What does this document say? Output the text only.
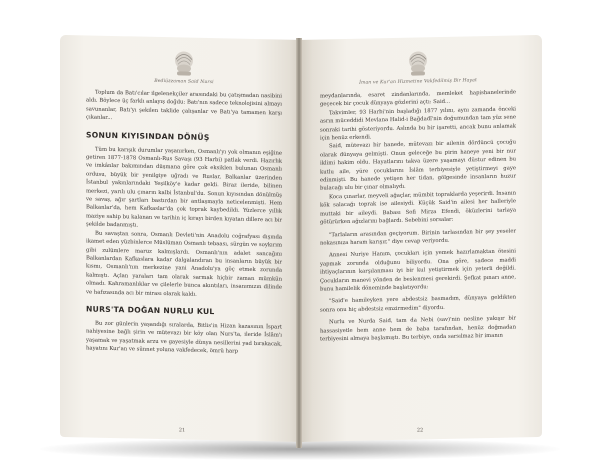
Bediüzzaman Said Nursi

Toplum da Batı'cılar ilgelenekçiler arasındaki bu çatışmadan nasibini aldı. Böylece üç farklı anlayış doğdu: Batı'nın sadece teknolojisini almayı savunanlar, Batı'yı şekilen taklide çalışanlar ve Batı'ya tamamen karşı çıkanlar...

SONUN KIYISINDAN DÖNÜŞ

Tüm bu karışık durumlar yaşanırken, Osmanlı'yı yok olmanın eşiğine getiren 1877-1878 Osmanlı-Rus Savaşı (93 Harbi) patlak verdi. Hazırlık ve imkânlar bakımından düşmana göre çok eksiklen bulunan Osmanlı ordusu, büyük bir yenilgiye uğradı ve Ruslar, Balkanlar üzerinden İstanbul yakınlarındaki Yeşilköy'e kadar geldi. Biraz ileride, bilinen merkezi, yarılı ulu çınarın kalbi İstanbul'du. Sonun kıyısından dönülmüş ve savaş, ağır şartları bastırdan bir antlaşmayla neticelenmişti. Hem Balkanlar'da, hem Kafkaslar'da çok toprak kaybedildi. Yüzlerce yıllık maziye sahip bu kalanan ve tarihin iç kırayı birden kıyatan dillere acı bir şekilde badanmıştı.

Bu savaştan sonra, Osmanlı Devleti'nin Anadolu coğrafyası dışında ikamet eden yüzbinlerce Müslüman Osmanlı tebaası, sürgün ve soykırım gibi zulümlere maruz kalmışlardı. Osmanlı'nın adalet sancağını Balkanlardan Kafkaslara kadar dalgalandıran bu insanların büyük bir kısmı, Osmanlı'nın merkezine yani Anadolu'ya göç etmek zorunda kalmıştı. Açlan yaraları tam olarak sarmak hiçbir zaman mümkün olmadı. Kahramanlıklar ve çilelerle bunca akıntıları, insanımızın dilinde ve hafızasında acı bir mirası olarak kaldı.

NURS'TA DOĞAN NURLU KUL

Bu zor günlerin yaşandığı sıralarda, Bitlis'in Hizan kazasının İspart nahiyesine bağlı şirin ve mütevazı bir köy olan Nurs'ta, ileride İslâm'ı yaşamak ve yaşatmak arzu ve gayesiyle dünya nesillerini yad bırakacak, hayatını Kur'an ve sünnet yoluna vakfedecek, ömrü harp

21
İman ve Kur'an Hizmetine Vakfedilmiş Bir Hayat

meydanlarında, esaret zindanlarında, memleket hapishanelerinde geçecek bir çocuk dünyaya gözlerini açtı: Said...

Takvimler, 93 Harbi'nin başladığı 1877 yılını, aynı zamanda önceki asrın müceddidi Mevlana Halid-i Bağdadî'nin doğumundan tam yüz sene sonraki tarihi gösteriyordu. Aslında bu bir işaretti, ancak bunu anlamak için henüz erkendi.

Said, mütevazı bir hanede, mütevazı bir ailenin dördüncü çocuğu olarak dünyaya gelmişti. Onun geleceğe bu pirin haneye yeni bir nur iklimi hakim oldu. Hayatlarını takva üzere yaşamayı düstur edinen bu kutlu aile, yüre çocuklarını İslâm terbiyesiyle yetiştirmeyi gaye edinmişti. Bu hanede yetişen her tidan, gölgesinde insanların huzur bulacağı ulu bir çınar olmalıydı.

Koca çınarlar, meyveli ağaçlar, mümbit topraklarda yeşerirdi. İnsanın kök salacağı toprak ise ailesiydi. Küçük Said'in ailesi her halleriyle muttaki bir aileydi. Babası Sofi Mirza Efendi, öküzlerini tarlaya götürürken ağızlarını bağlardı. Sebebini sorsalar:

"Tarlaların arasından geçiyorum. Birinin tarlasından bir şey yeseler nokasınıza haram karışır," diye cevap veriyordu.

Annesi Nuriye Hanım, çocukları için yemek hazırlamaktan ötesini yapmak zorunda olduğunu biliyordu. Ona göre, sadece maddi ihtiyaçlarının karşılanması iyi bir kul yetiştirmek için yeterli değildi. Çocukların manevi yönden de beslenmesi gerekirdi. Şefkat pınarı anne, bunu hamilelik döneminde başlatıyordu:

"Said'e hamileyken yere abdestsiz basmadım, dünyaya geldikten sonra onu hiç abdestsiz emzirmedim" diyordu.

Nurlu ve Nurda Said, tam da Nebi (sav)'nin nesline yakışır bir hassasiyetle hem anne hem de baba tarafından, henüz doğmadan terbiyesini almaya başlamıştı. Bu terbiye, onda sarsılmaz bir imanın

22
